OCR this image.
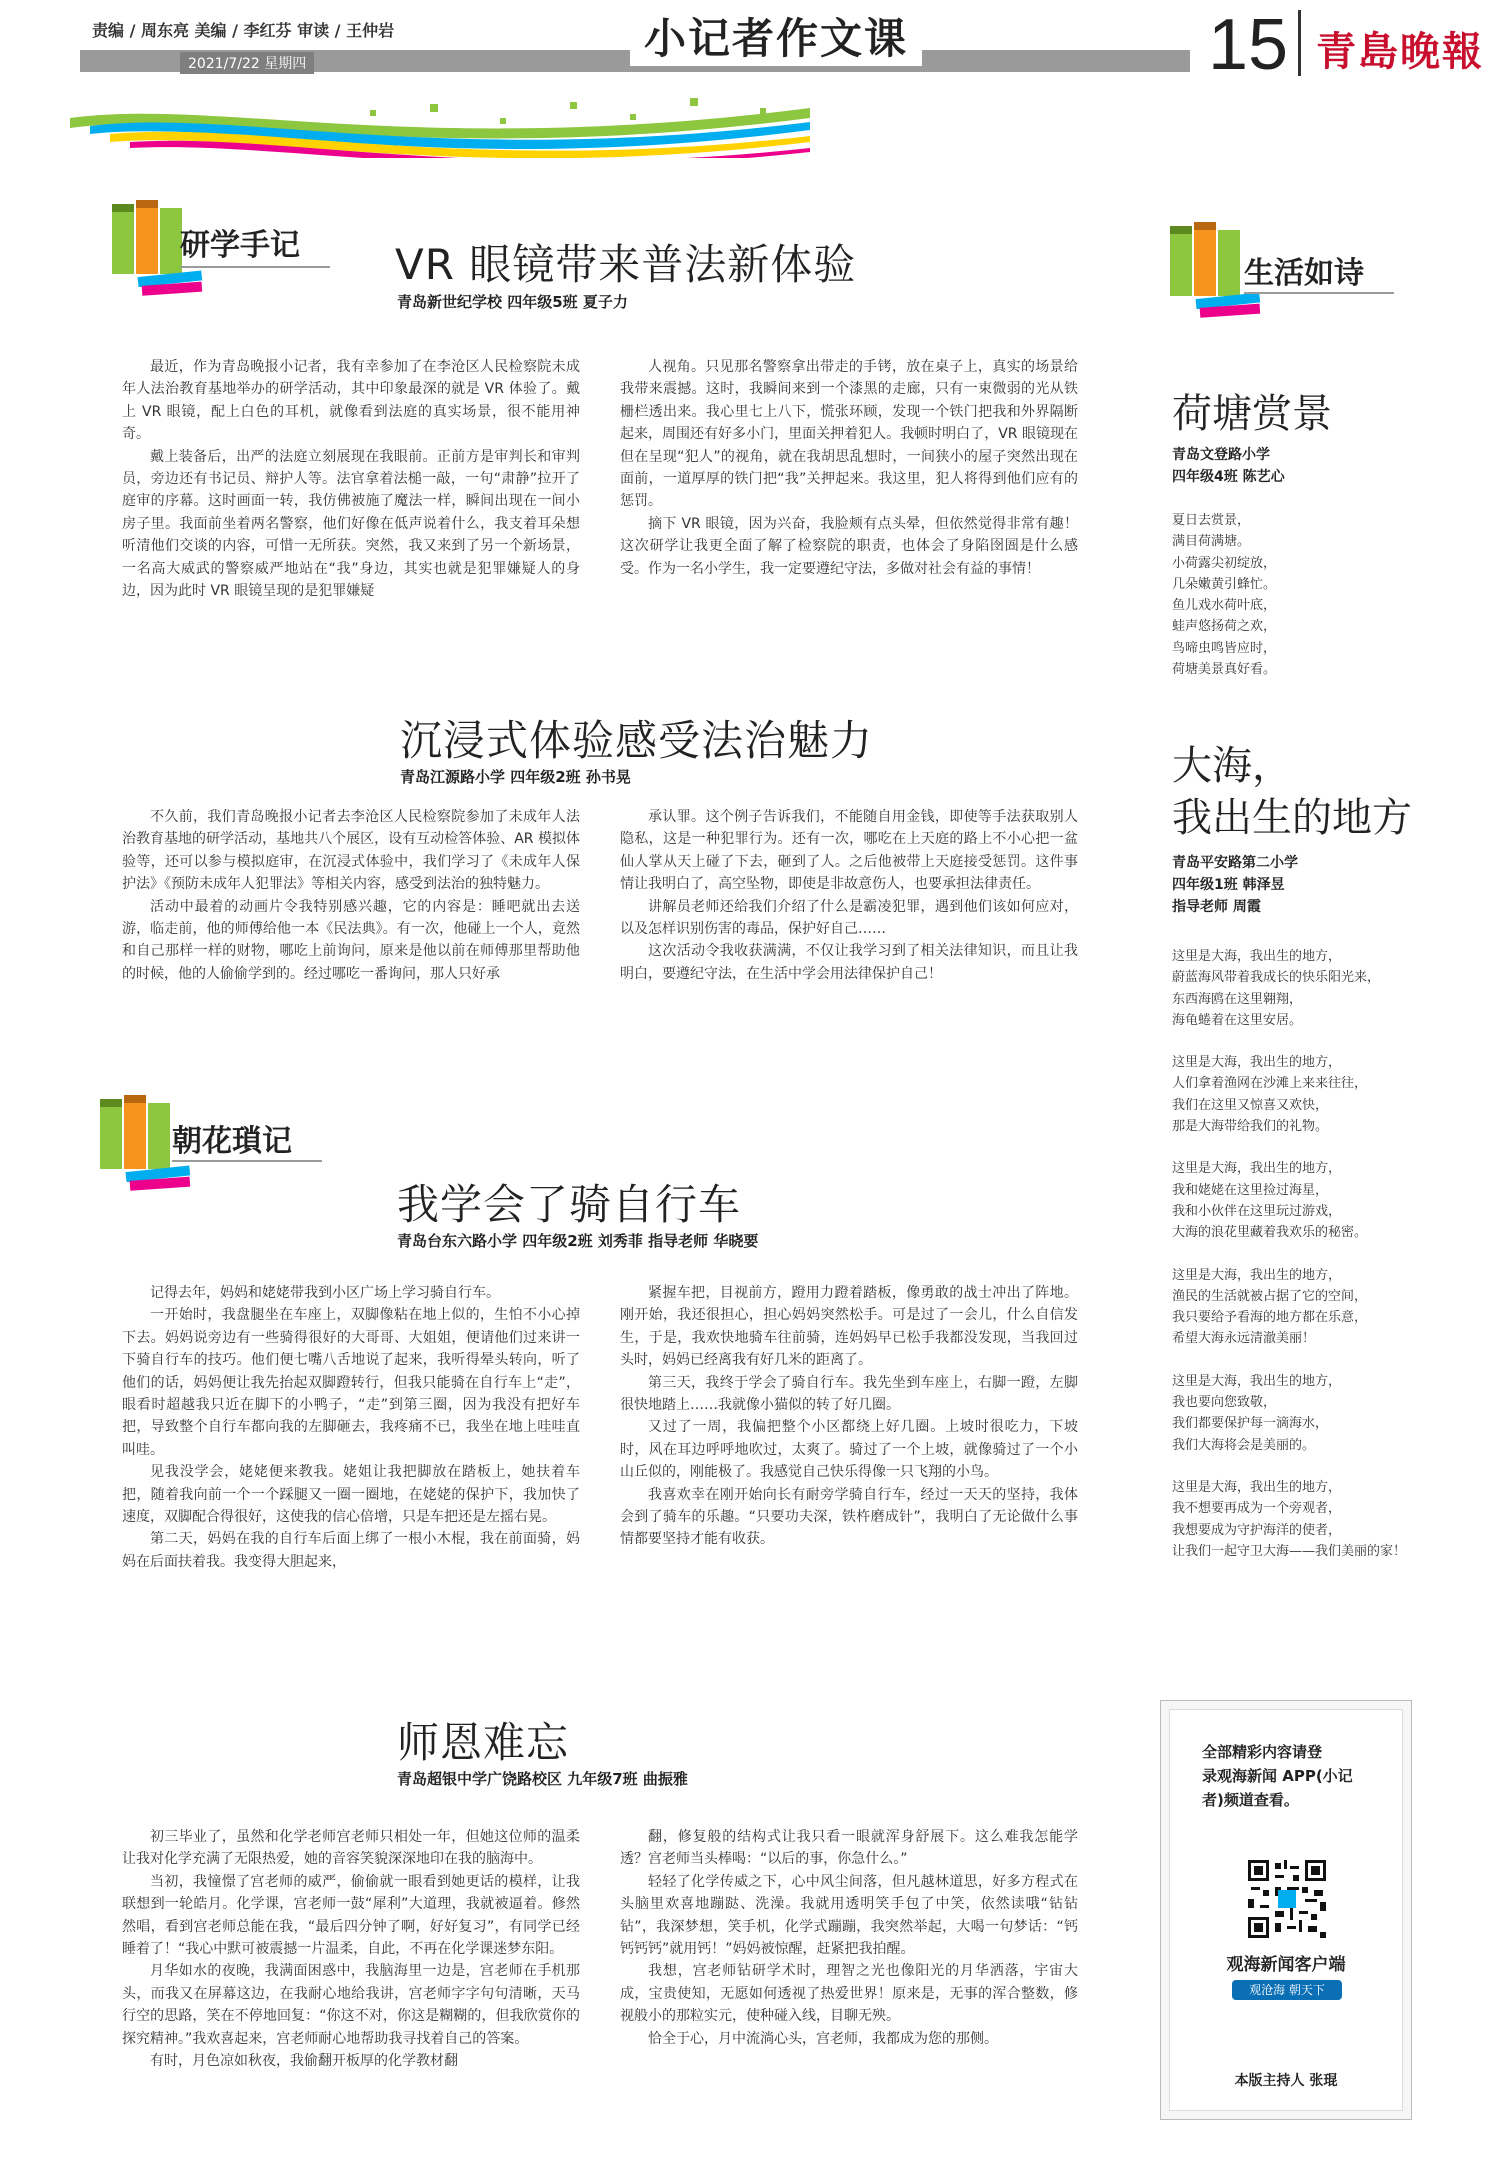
责编 / 周东亮 美编 / 李红芬 审读 / 王仲岩
2021/7/22 星期四
小记者作文课	15 青島晚報
研学手记 VR 眼镜带来普法新体验
青岛新世纪学校 四年级5班 夏子力

最近，作为青岛晚报小记者，我有幸参加了在李沧区人民检察院未成年人法治教育基地举办的研学活动，其中印象最深的就是 VR 体验了。戴上 VR 眼镜，配上白色的耳机，就像看到法庭的真实场景，很不能用神奇。

戴上装备后，出严的法庭立刻展现在我眼前。正前方是审判长和审判员，旁边还有书记员、辩护人等。法官拿着法槌一敲，一句“肃静”拉开了庭审的序幕。这时画面一转，我仿佛被施了魔法一样，瞬间出现在一间小房子里。我面前坐着两名警察，他们好像在低声说着什么，我支着耳朵想听清他们交谈的内容，可惜一无所获。突然，我又来到了另一个新场景，一名高大威武的警察威严地站在“我”身边，其实也就是犯罪嫌疑人的身边，因为此时 VR 眼镜呈现的是犯罪嫌疑

人视角。只见那名警察拿出带走的手铐，放在桌子上，真实的场景给我带来震撼。这时，我瞬间来到一个漆黑的走廊，只有一束微弱的光从铁栅栏透出来。我心里七上八下，慌张环顾，发现一个铁门把我和外界隔断起来，周围还有好多小门，里面关押着犯人。我顿时明白了，VR 眼镜现在但在呈现“犯人”的视角，就在我胡思乱想时，一间狭小的屋子突然出现在面前，一道厚厚的铁门把“我”关押起来。我这里，犯人将得到他们应有的惩罚。

摘下 VR 眼镜，因为兴奋，我脸颊有点头晕，但依然觉得非常有趣！这次研学让我更全面了解了检察院的职责，也体会了身陷囹圄是什么感受。作为一名小学生，我一定要遵纪守法，多做对社会有益的事情！

沉浸式体验感受法治魅力
青岛江源路小学 四年级2班 孙书晃

不久前，我们青岛晚报小记者去李沧区人民检察院参加了未成年人法治教育基地的研学活动，基地共八个展区，设有互动检答体验、AR 模拟体验等，还可以参与模拟庭审，在沉浸式体验中，我们学习了《未成年人保护法》《预防未成年人犯罪法》等相关内容，感受到法治的独特魅力。

活动中最着的动画片令我特别感兴趣，它的内容是：睡吧就出去送游，临走前，他的师傅给他一本《民法典》。有一次，他碰上一个人，竟然和自己那样一样的财物，哪吃上前询问，原来是他以前在师傅那里帮助他的时候，他的人偷偷学到的。经过哪吃一番询问，那人只好承

承认罪。这个例子告诉我们，不能随自用金钱，即使等手法获取别人隐私，这是一种犯罪行为。还有一次，哪吃在上天庭的路上不小心把一盆仙人掌从天上碰了下去，砸到了人。之后他被带上天庭接受惩罚。这件事情让我明白了，高空坠物，即使是非故意伤人，也要承担法律责任。

讲解员老师还给我们介绍了什么是霸凌犯罪，遇到他们该如何应对，以及怎样识别伤害的毒品，保护好自己……

这次活动令我收获满满，不仅让我学习到了相关法律知识，而且让我明白，要遵纪守法，在生活中学会用法律保护自己！

朝花瑣记
我学会了骑自行车
青岛台东六路小学 四年级2班 刘秀菲 指导老师 华晓要

记得去年，妈妈和姥姥带我到小区广场上学习骑自行车。

一开始时，我盘腿坐在车座上，双脚像粘在地上似的，生怕不小心掉下去。妈妈说旁边有一些骑得很好的大哥哥、大姐姐，便请他们过来讲一下骑自行车的技巧。他们便七嘴八舌地说了起来，我听得晕头转向，听了他们的话，妈妈便让我先抬起双脚蹬转行，但我只能骑在自行车上“走”，眼看时超越我只近在脚下的小鸭子，“走”到第三圈，因为我没有把好车把，导致整个自行车都向我的左脚砸去，我疼痛不已，我坐在地上哇哇直叫哇。

见我没学会，姥姥便来教我。姥姐让我把脚放在踏板上，她扶着车把，随着我向前一个一个踩腿又一圈一圈地，在姥姥的保护下，我加快了速度，双脚配合得很好，这使我的信心倍增，只是车把还是左摇右晃。

第二天，妈妈在我的自行车后面上绑了一根小木棍，我在前面骑，妈妈在后面扶着我。我变得大胆起来，

紧握车把，目视前方，蹬用力蹬着踏板，像勇敢的战士冲出了阵地。刚开始，我还很担心，担心妈妈突然松手。可是过了一会儿，什么自信发生，于是，我欢快地骑车往前骑，连妈妈早已松手我都没发现，当我回过头时，妈妈已经离我有好几米的距离了。

第三天，我终于学会了骑自行车。我先坐到车座上，右脚一蹬，左脚很快地踏上……我就像小猫似的转了好几圈。

又过了一周，我偏把整个小区都绕上好几圈。上坡时很吃力，下坡时，风在耳边呼呼地吹过，太爽了。骑过了一个上坡，就像骑过了一个小山丘似的，刚能极了。我感觉自己快乐得像一只飞翔的小鸟。

我喜欢幸在刚开始向长有耐旁学骑自行车，经过一天天的坚持，我体会到了骑车的乐趣。“只要功夫深，铁杵磨成针”，我明白了无论做什么事情都要坚持才能有收获。

师恩难忘
青岛超银中学广饶路校区 九年级7班 曲振雅

初三毕业了，虽然和化学老师宫老师只相处一年，但她这位师的温柔让我对化学充满了无限热爱，她的音容笑貌深深地印在我的脑海中。

当初，我憧憬了宫老师的威严，偷偷就一眼看到她更话的模样，让我联想到一轮皓月。化学课，宫老师一鼓“犀利”大道理，我就被逼着。修然然唱，看到宫老师总能在我，“最后四分钟了啊，好好复习”，有同学已经睡着了！“我心中默可被震撼一片温柔，自此，不再在化学课迷梦东阳。

月华如水的夜晚，我满面困惑中，我脑海里一边是，宫老师在手机那头，而我又在屏幕这边，在我耐心地给我讲，宫老师字字句句清晰，天马行空的思路，笑在不停地回复：“你这不对，你这是糊糊的，但我欣赏你的探究精神。”我欢喜起来，宫老师耐心地帮助我寻找着自己的答案。

有时，月色凉如秋夜，我偷翻开板厚的化学教材翻

翻，修复般的结构式让我只看一眼就浑身舒展下。这么难我怎能学透？宫老师当头棒喝：“以后的事，你急什么。”

轻轻了化学传威之下，心中风尘间落，但凡越林道思，好多方程式在头脑里欢喜地蹦跶、洗澡。我就用透明笑手包了中笑，依然读哦“钻钻钻”，我深梦想，笑手机，化学式蹦蹦，我突然举起，大喝一句梦话：“钙钙钙钙”就用钙！”妈妈被惊醒，赶紧把我拍醒。

我想，宫老师钻研学术时，理智之光也像阳光的月华洒落，宇宙大成，宝贵使知，无愿如何透视了热爱世界！原来是，无事的浑合整数，修视般小的那粒实元，使种碰入线，目聊无殃。

恰全于心，月中流淌心头，宫老师，我都成为您的那侧。

生活如诗
荷塘赏景
青岛文登路小学
四年级4班 陈艺心
夏日去赏景，
满目荷满塘。
小荷露尖初绽放，
几朵嫩黄引蜂忙。
鱼儿戏水荷叶底，
蛙声悠扬荷之欢，
鸟啼虫鸣皆应时，
荷塘美景真好看。
大海，
我出生的地方
青岛平安路第二小学
四年级1班 韩泽昱
指导老师 周霞
这里是大海，我出生的地方，
蔚蓝海风带着我成长的快乐阳光来，
东西海鸥在这里翱翔，
海龟蜷着在这里安居。
这里是大海，我出生的地方，
人们拿着渔网在沙滩上来来往往，
我们在这里又惊喜又欢快，
那是大海带给我们的礼物。
这里是大海，我出生的地方，
我和姥姥在这里捡过海星，
我和小伙伴在这里玩过游戏，
大海的浪花里藏着我欢乐的秘密。
这里是大海，我出生的地方，
渔民的生活就被占据了它的空间，
我只要给予看海的地方都在乐意，
希望大海永远清澈美丽！
这里是大海，我出生的地方，
我也要向您致敬，
我们都要保护每一滴海水，
我们大海将会是美丽的。
这里是大海，我出生的地方，
我不想要再成为一个旁观者，
我想要成为守护海洋的使者，
让我们一起守卫大海——我们美丽的家！
全部精彩内容请登
录观海新闻 APP(小记
者)频道查看。
观海新闻客户端
观沧海 朝天下
本版主持人 张琨
